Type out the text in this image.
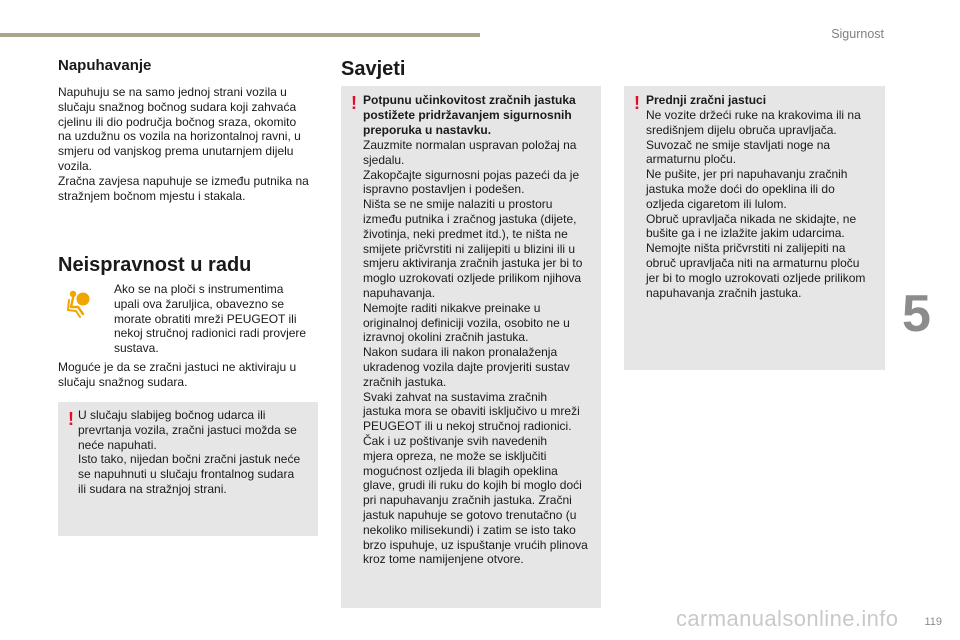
Sigurnost
5
Napuhavanje
Napuhuju se na samo jednoj strani vozila u
slučaju snažnog bočnog sudara koji zahvaća
cjelinu ili dio područja bočnog sraza, okomito
na uzdužnu os vozila na horizontalnoj ravni, u
smjeru od vanjskog prema unutarnjem dijelu
vozila.
Zračna zavjesa napuhuje se između putnika na
stražnjem bočnom mjestu i stakala.
Neispravnost u radu
Ako se na ploči s instrumentima
upali ova žaruljica, obavezno se
morate obratiti mreži PEUGEOT ili
nekoj stručnoj radionici radi provjere
sustava.
Moguće je da se zračni jastuci ne aktiviraju u
slučaju snažnog sudara.
! U slučaju slabijeg bočnog udarca ili
prevrtanja vozila, zračni jastuci možda se
neće napuhati.
Isto tako, nijedan bočni zračni jastuk neće
se napuhnuti u slučaju frontalnog sudara
ili sudara na stražnjoj strani.
Savjeti
! Potpunu učinkovitost zračnih jastuka
postižete pridržavanjem sigurnosnih
preporuka u nastavku.
Zauzmite normalan uspravan položaj na
sjedalu.
Zakopčajte sigurnosni pojas pazeći da je
ispravno postavljen i podešen.
Ništa se ne smije nalaziti u prostoru
između putnika i zračnog jastuka (dijete,
životinja, neki predmet itd.), te ništa ne
smijete pričvrstiti ni zalijepiti u blizini ili u
smjeru aktiviranja zračnih jastuka jer bi to
moglo uzrokovati ozljede prilikom njihova
napuhavanja.
Nemojte raditi nikakve preinake u
originalnoj definiciji vozila, osobito ne u
izravnoj okolini zračnih jastuka.
Nakon sudara ili nakon pronalaženja
ukradenog vozila dajte provjeriti sustav
zračnih jastuka.
Svaki zahvat na sustavima zračnih
jastuka mora se obaviti isključivo u mreži
PEUGEOT ili u nekoj stručnoj radionici.
Čak i uz poštivanje svih navedenih
mjera opreza, ne može se isključiti
mogućnost ozljeda ili blagih opeklina
glave, grudi ili ruku do kojih bi moglo doći
pri napuhavanju zračnih jastuka. Zračni
jastuk napuhuje se gotovo trenutačno (u
nekoliko milisekundi) i zatim se isto tako
brzo ispuhuje, uz ispuštanje vrućih plinova
kroz tome namijenjene otvore.
! Prednji zračni jastuci
Ne vozite držeći ruke na krakovima ili na
središnjem dijelu obruča upravljača.
Suvozač ne smije stavljati noge na
armaturnu ploču.
Ne pušite, jer pri napuhavanju zračnih
jastuka može doći do opeklina ili do
ozljeda cigaretom ili lulom.
Obruč upravljača nikada ne skidajte, ne
bušite ga i ne izlažite jakim udarcima.
Nemojte ništa pričvrstiti ni zalijepiti na
obruč upravljača niti na armaturnu ploču
jer bi to moglo uzrokovati ozljede prilikom
napuhavanja zračnih jastuka.
carmanualsonline.info 119
